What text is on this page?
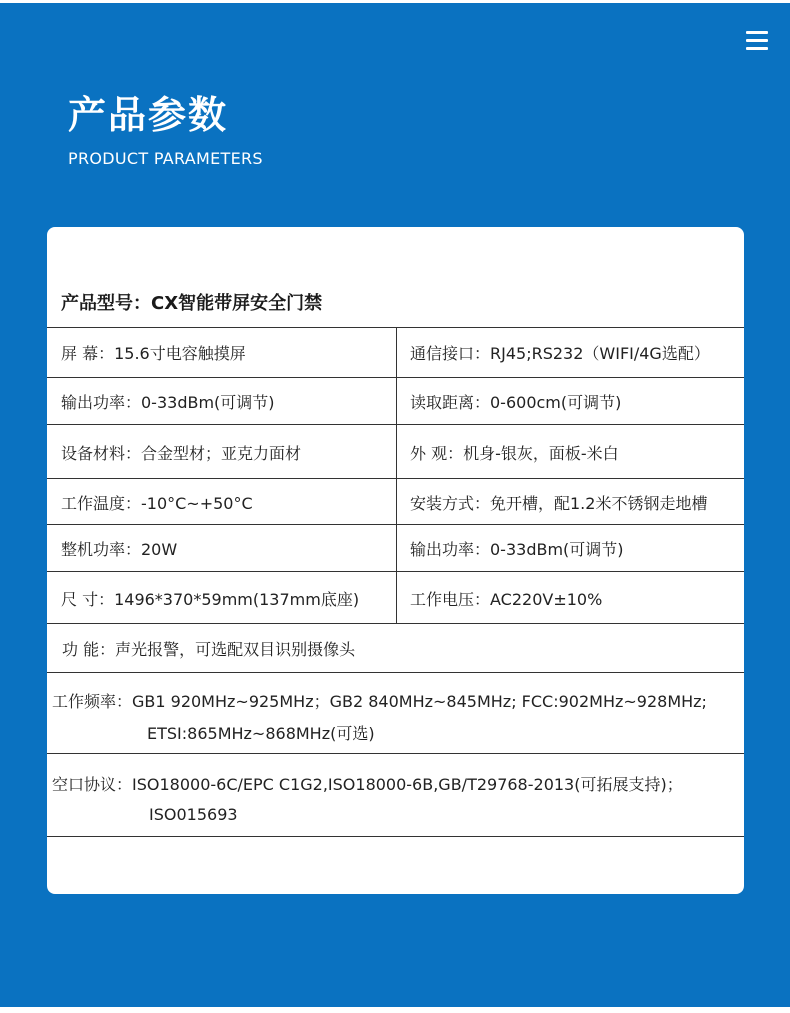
产品参数
PRODUCT PARAMETERS
产品型号：CX智能带屏安全门禁
屏 幕：15.6寸电容触摸屏	通信接口：RJ45;RS232（WIFI/4G选配）
输出功率：0-33dBm(可调节)	读取距离：0-600cm(可调节)
设备材料：合金型材；亚克力面材	外 观：机身-银灰，面板-米白
工作温度：-10°C~+50°C	安装方式：免开槽，配1.2米不锈钢走地槽
整机功率：20W	输出功率：0-33dBm(可调节)
尺 寸：1496*370*59mm(137mm底座)	工作电压：AC220V±10%
功 能：声光报警，可选配双目识别摄像头
工作频率：GB1 920MHz~925MHz；GB2 840MHz~845MHz; FCC:902MHz~928MHz;
ETSI:865MHz~868MHz(可选)
空口协议：ISO18000-6C/EPC C1G2,ISO18000-6B,GB/T29768-2013(可拓展支持)；
ISO015693
